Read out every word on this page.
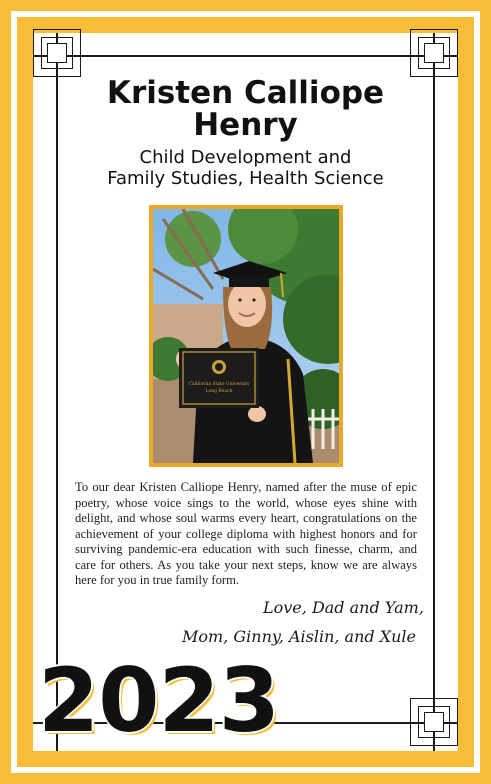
Kristen Calliope
Henry
Child Development and
Family Studies, Health Science
California State University
Long Beach

To our dear Kristen Calliope Henry, named after the muse of epic poetry, whose voice sings to the world, whose eyes shine with delight, and whose soul warms every heart, congratulations on the achievement of your college diploma with highest honors and for surviving pandemic-era education with such finesse, charm, and care for others. As you take your next steps, know we are always here for you in true family form.

Love, Dad and Yam,
Mom, Ginny, Aislin, and Xule
2023
